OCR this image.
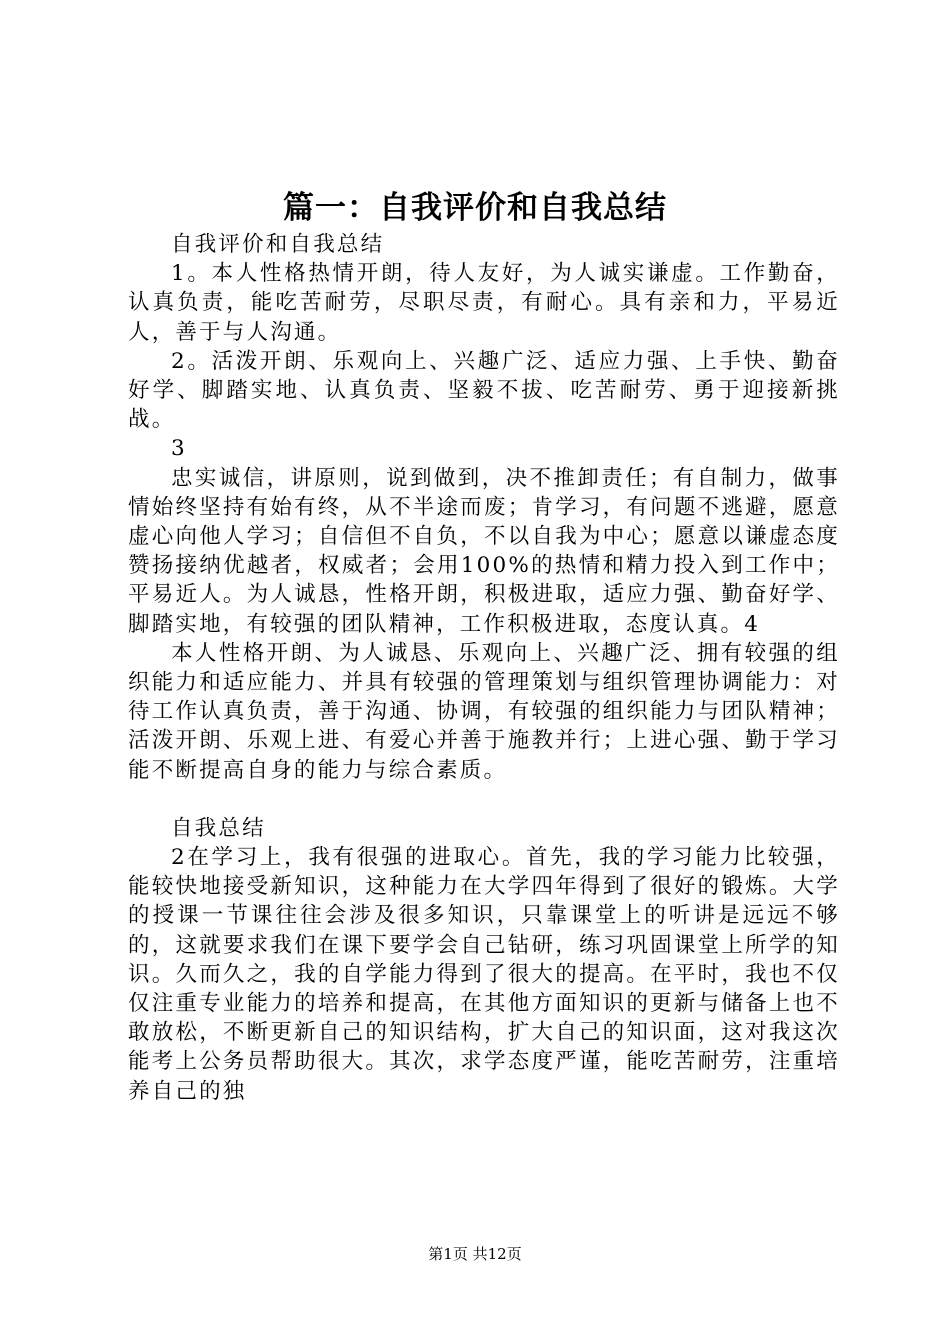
篇一：自我评价和自我总结

自我评价和自我总结

1。本人性格热情开朗，待人友好，为人诚实谦虚。工作勤奋，认真负责，能吃苦耐劳，尽职尽责，有耐心。具有亲和力，平易近人，善于与人沟通。

2。活泼开朗、乐观向上、兴趣广泛、适应力强、上手快、勤奋好学、脚踏实地、认真负责、坚毅不拔、吃苦耐劳、勇于迎接新挑战。

3

忠实诚信，讲原则，说到做到，决不推卸责任；有自制力，做事情始终坚持有始有终，从不半途而废；肯学习，有问题不逃避，愿意虚心向他人学习；自信但不自负，不以自我为中心；愿意以谦虚态度赞扬接纳优越者，权威者；会用100%的热情和精力投入到工作中；平易近人。为人诚恳，性格开朗，积极进取，适应力强、勤奋好学、脚踏实地，有较强的团队精神，工作积极进取，态度认真。4

本人性格开朗、为人诚恳、乐观向上、兴趣广泛、拥有较强的组织能力和适应能力、并具有较强的管理策划与组织管理协调能力：对待工作认真负责，善于沟通、协调，有较强的组织能力与团队精神；活泼开朗、乐观上进、有爱心并善于施教并行；上进心强、勤于学习能不断提高自身的能力与综合素质。

自我总结

2在学习上，我有很强的进取心。首先，我的学习能力比较强，能较快地接受新知识，这种能力在大学四年得到了很好的锻炼。大学的授课一节课往往会涉及很多知识，只靠课堂上的听讲是远远不够的，这就要求我们在课下要学会自己钻研，练习巩固课堂上所学的知识。久而久之，我的自学能力得到了很大的提高。在平时，我也不仅仅注重专业能力的培养和提高，在其他方面知识的更新与储备上也不敢放松，不断更新自己的知识结构，扩大自己的知识面，这对我这次能考上公务员帮助很大。其次，求学态度严谨，能吃苦耐劳，注重培养自己的独

第1页 共12页
